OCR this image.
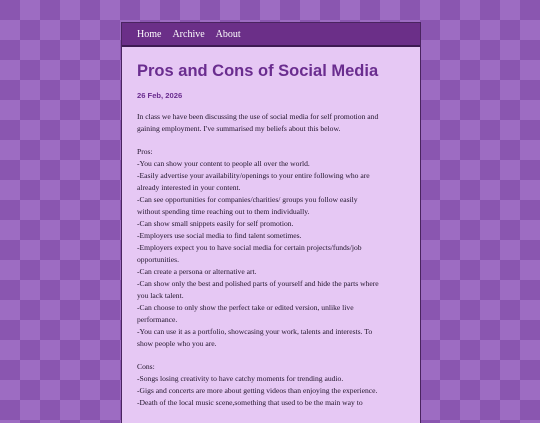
Home Archive About
Pros and Cons of Social Media
26 Feb, 2026
In class we have been discussing the use of social media for self promotion and
gaining employment. I've summarised my beliefs about this below.
Pros:
-You can show your content to people all over the world.
-Easily advertise your availability/openings to your entire following who are
already interested in your content.
-Can see opportunities for companies/charities/ groups you follow easily
without spending time reaching out to them individually.
-Can show small snippets easily for self promotion.
-Employers use social media to find talent sometimes.
-Employers expect you to have social media for certain projects/funds/job
opportunities.
-Can create a persona or alternative art.
-Can show only the best and polished parts of yourself and hide the parts where
you lack talent.
-Can choose to only show the perfect take or edited version, unlike live
performance.
-You can use it as a portfolio, showcasing your work, talents and interests. To
show people who you are.
Cons:
-Songs losing creativity to have catchy moments for trending audio.
-Gigs and concerts are more about getting videos than enjoying the experience.
-Death of the local music scene,something that used to be the main way to
